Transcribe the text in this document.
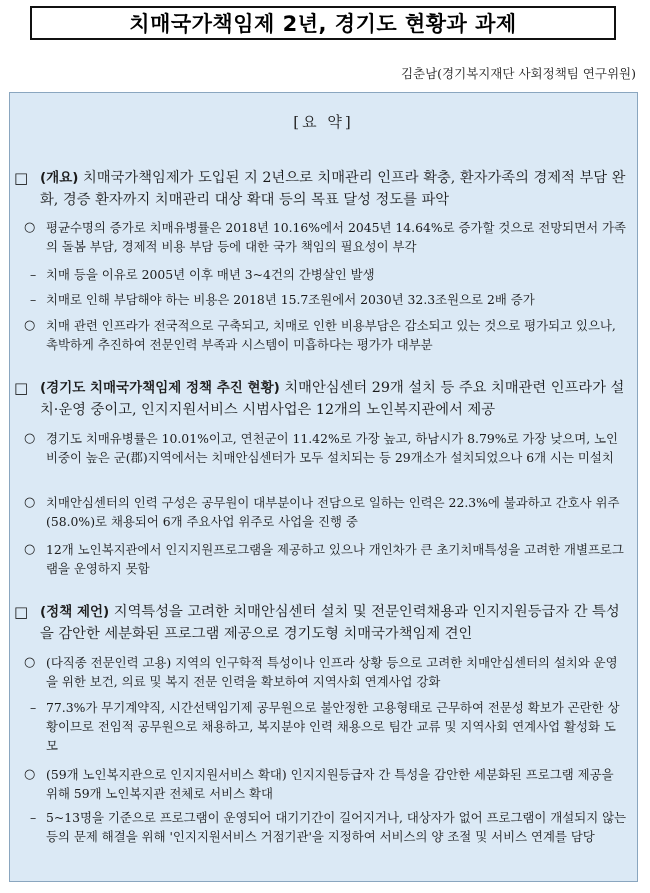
치매국가책임제 2년, 경기도 현황과 과제
김춘남(경기복지재단 사회정책팀 연구위원)
[요 약]
□ (개요) 치매국가책임제가 도입된 지 2년으로 치매관리 인프라 확충, 환자가족의 경제적 부담 완화, 경증 환자까지 치매관리 대상 확대 등의 목표 달성 정도를 파악
○ 평균수명의 증가로 치매유병률은 2018년 10.16%에서 2045년 14.64%로 증가할 것으로 전망되면서 가족의 돌봄 부담, 경제적 비용 부담 등에 대한 국가 책임의 필요성이 부각
– 치매 등을 이유로 2005년 이후 매년 3~4건의 간병살인 발생
– 치매로 인해 부담해야 하는 비용은 2018년 15.7조원에서 2030년 32.3조원으로 2배 증가
○ 치매 관련 인프라가 전국적으로 구축되고, 치매로 인한 비용부담은 감소되고 있는 것으로 평가되고 있으나, 촉박하게 추진하여 전문인력 부족과 시스템이 미흡하다는 평가가 대부분
□ (경기도 치매국가책임제 정책 추진 현황) 치매안심센터 29개 설치 등 주요 치매관련 인프라가 설치·운영 중이고, 인지지원서비스 시범사업은 12개의 노인복지관에서 제공
○ 경기도 치매유병률은 10.01%이고, 연천군이 11.42%로 가장 높고, 하남시가 8.79%로 가장 낮으며, 노인비중이 높은 군(郡)지역에서는 치매안심센터가 모두 설치되는 등 29개소가 설치되었으나 6개 시는 미설치
○ 치매안심센터의 인력 구성은 공무원이 대부분이나 전담으로 일하는 인력은 22.3%에 불과하고 간호사 위주(58.0%)로 채용되어 6개 주요사업 위주로 사업을 진행 중
○ 12개 노인복지관에서 인지지원프로그램을 제공하고 있으나 개인차가 큰 초기치매특성을 고려한 개별프로그램을 운영하지 못함
□ (정책 제언) 지역특성을 고려한 치매안심센터 설치 및 전문인력채용과 인지지원등급자 간 특성을 감안한 세분화된 프로그램 제공으로 경기도형 치매국가책임제 견인
○ (다직종 전문인력 고용) 지역의 인구학적 특성이나 인프라 상황 등으로 고려한 치매안심센터의 설치와 운영을 위한 보건, 의료 및 복지 전문 인력을 확보하여 지역사회 연계사업 강화
– 77.3%가 무기계약직, 시간선택임기제 공무원으로 불안정한 고용형태로 근무하여 전문성 확보가 곤란한 상황이므로 전임적 공무원으로 채용하고, 복지분야 인력 채용으로 팀간 교류 및 지역사회 연계사업 활성화 도모
○ (59개 노인복지관으로 인지지원서비스 확대) 인지지원등급자 간 특성을 감안한 세분화된 프로그램 제공을 위해 59개 노인복지관 전체로 서비스 확대
– 5~13명을 기준으로 프로그램이 운영되어 대기기간이 길어지거나, 대상자가 없어 프로그램이 개설되지 않는 등의 문제 해결을 위해 '인지지원서비스 거점기관'을 지정하여 서비스의 양 조절 및 서비스 연계를 담당
